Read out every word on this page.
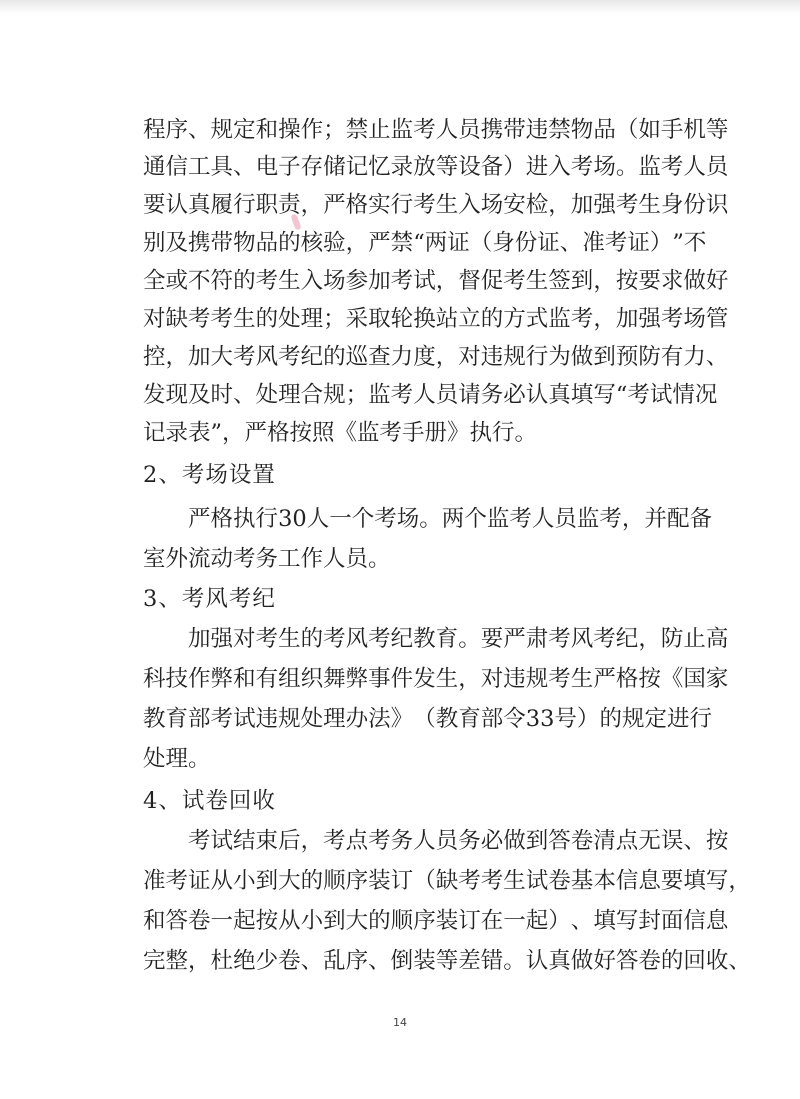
程 序 、 规 定 和 操 作 ； 禁 止 监 考 人 员 携 带 违 禁 物 品 （ 如 手 机 等
通 信 工 具 、 电 子 存 储 记 忆 录 放 等 设 备 ） 进 入 考 场 。 监 考 人 员
要 认 真 履 行 职 责 ， 严 格 实 行 考 生 入 场 安 检 ， 加 强 考 生 身 份 识
别 及 携 带 物 品 的 核 验 ， 严 禁 “ 两 证 （ 身 份 证 、 准 考 证 ） ” 不
全 或 不 符 的 考 生 入 场 参 加 考 试 ， 督 促 考 生 签 到 ， 按 要 求 做 好
对 缺 考 考 生 的 处 理 ； 采 取 轮 换 站 立 的 方 式 监 考 ， 加 强 考 场 管
控 ， 加 大 考 风 考 纪 的 巡 查 力 度 ， 对 违 规 行 为 做 到 预 防 有 力 、
发 现 及 时 、 处 理 合 规 ； 监 考 人 员 请 务 必 认 真 填 写 “ 考 试 情 况
记录表”，严格按照《监考手册》执行。
2、考场设置
严 格 执 行 30 人 一 个 考 场 。 两 个 监 考 人 员 监 考 ， 并 配 备
室外流动考务工作人员。
3、考风考纪
加 强 对 考 生 的 考 风 考 纪 教 育 。 要 严 肃 考 风 考 纪 ， 防 止 高
科 技 作 弊 和 有 组 织 舞 弊 事 件 发 生 ， 对 违 规 考 生 严 格 按 《 国 家
教 育 部 考 试 违 规 处 理 办 法 》 （ 教 育 部 令 33 号 ） 的 规 定 进 行
处理。
4、试卷回收
考 试 结 束 后 ， 考 点 考 务 人 员 务 必 做 到 答 卷 清 点 无 误 、 按
准 考 证 从 小 到 大 的 顺 序 装 订 （ 缺 考 考 生 试 卷 基 本 信 息 要 填 写 ，
和 答 卷 一 起 按 从 小 到 大 的 顺 序 装 订 在 一 起 ） 、 填 写 封 面 信 息
完 整 ， 杜 绝 少 卷 、 乱 序 、 倒 装 等 差 错 。 认 真 做 好 答 卷 的 回 收 、
14
